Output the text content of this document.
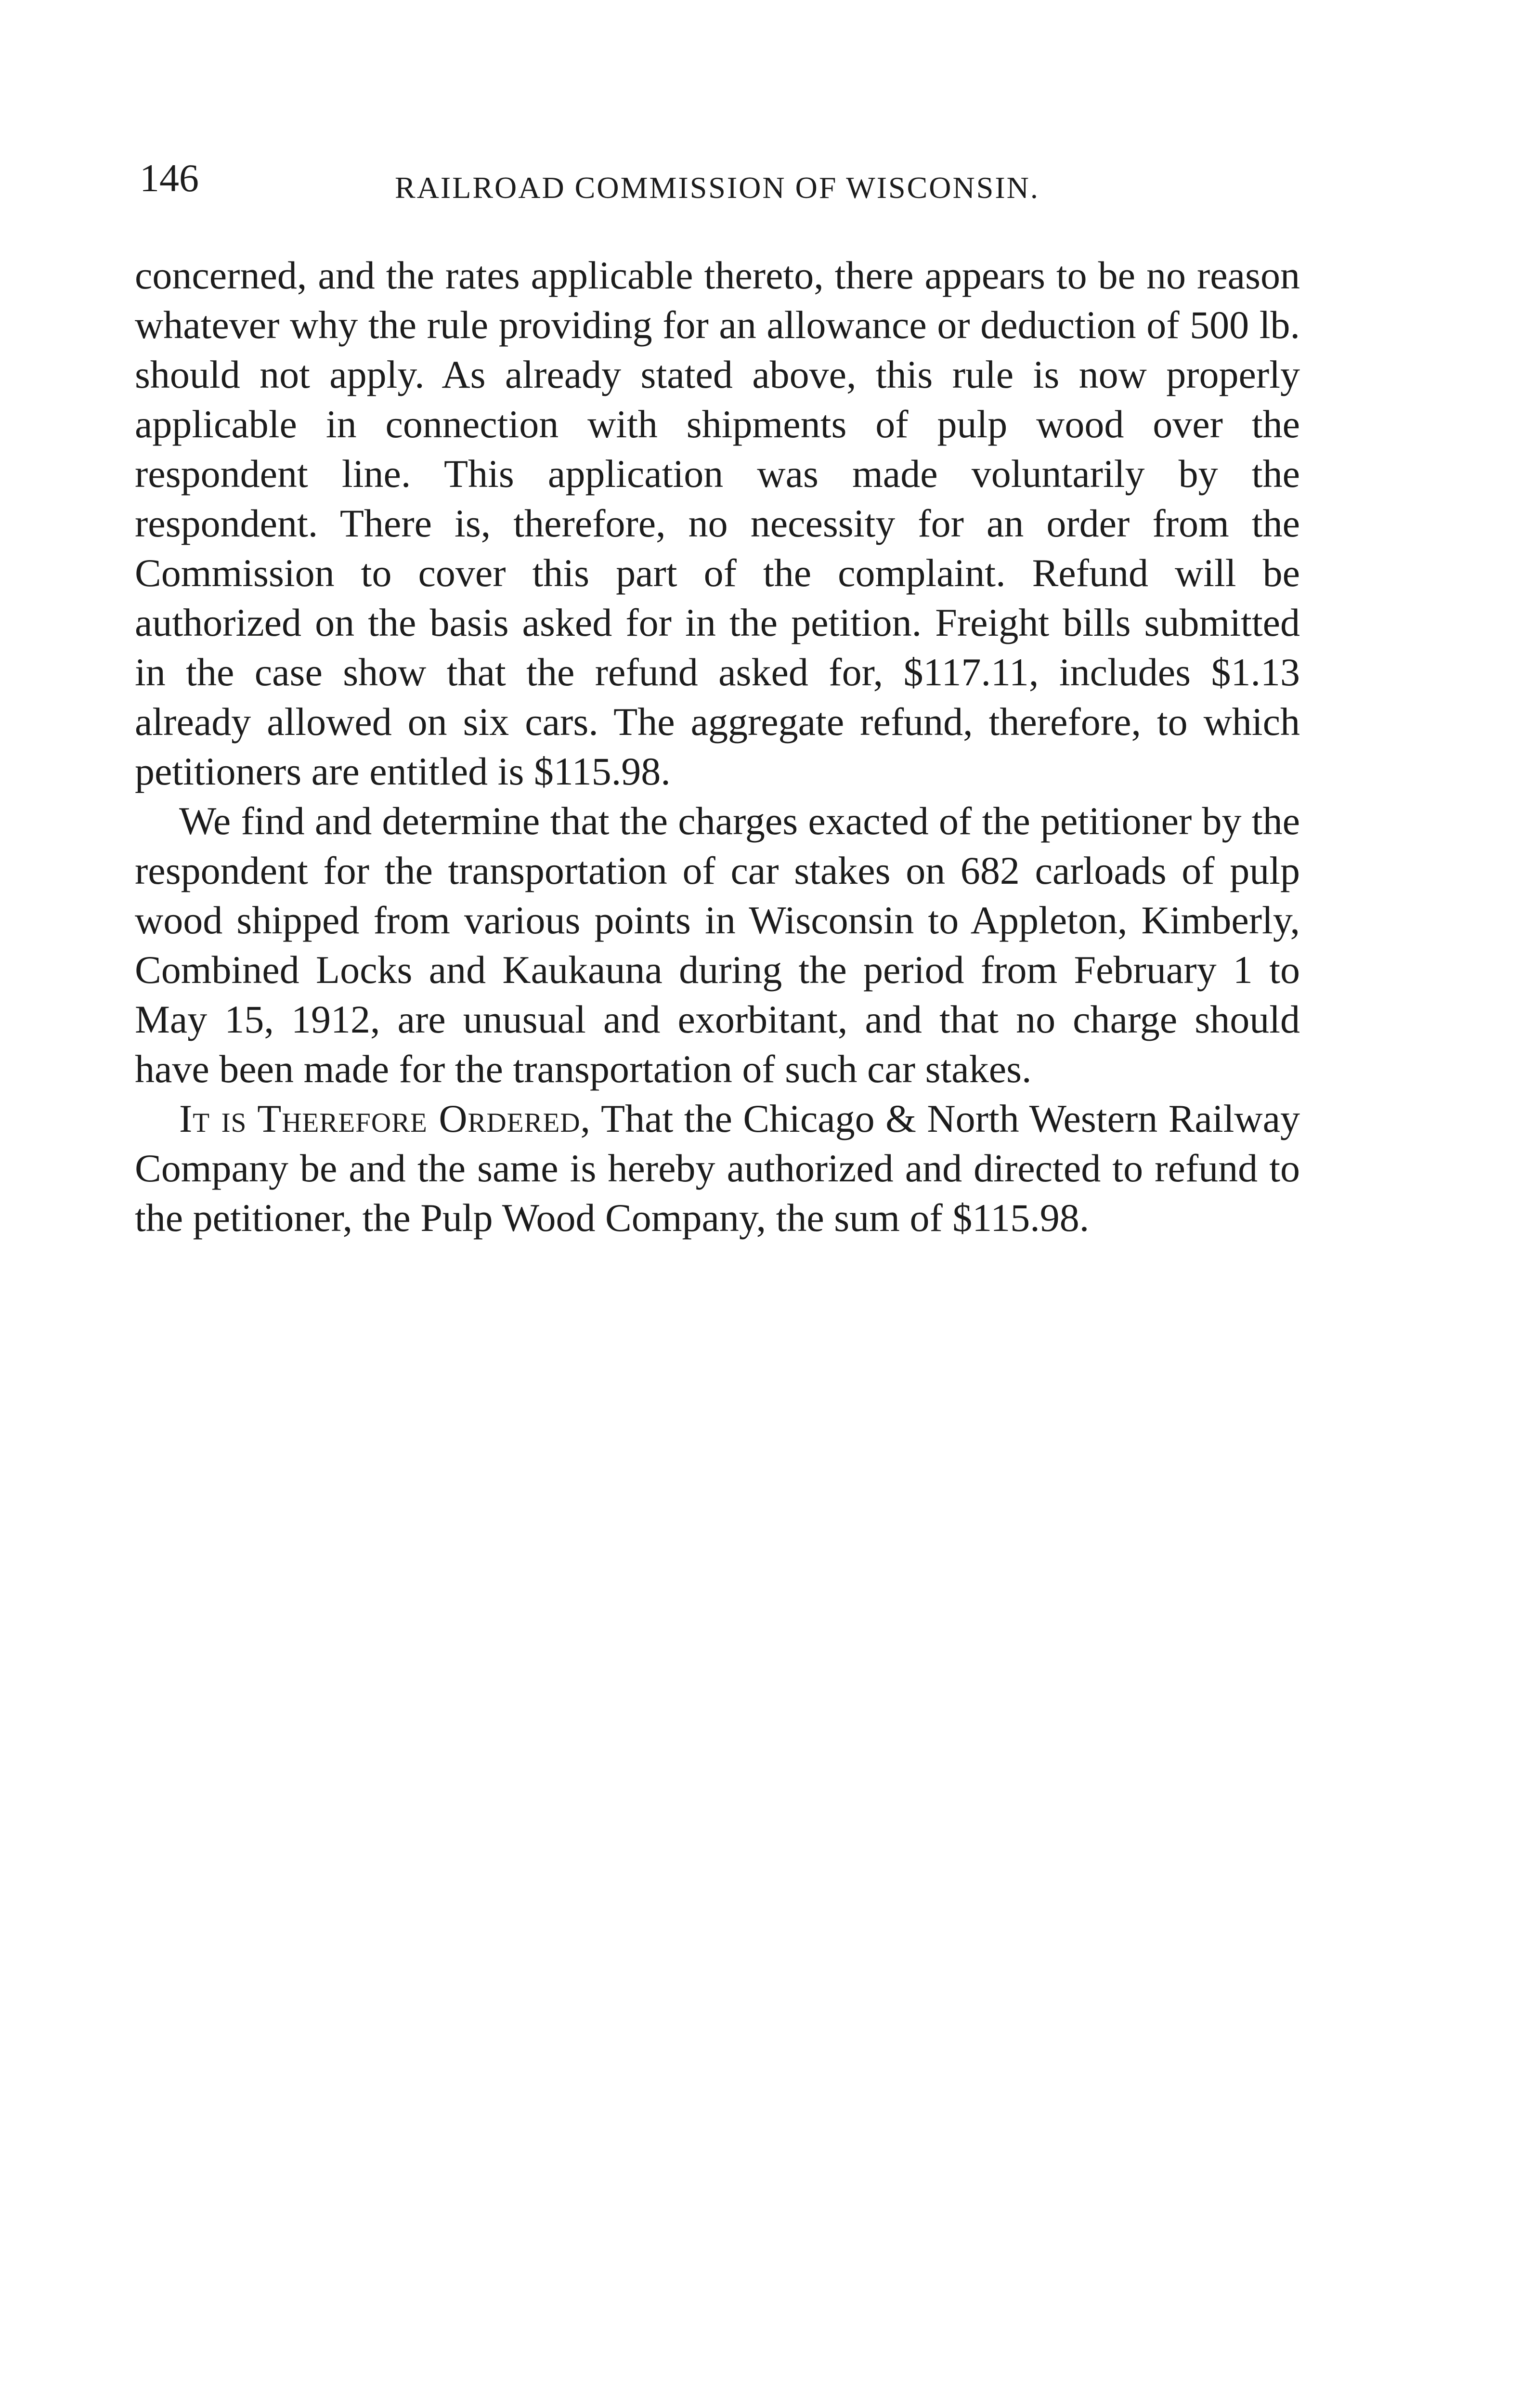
146	RAILROAD COMMISSION OF WISCONSIN.

concerned, and the rates applicable thereto, there appears to be no reason whatever why the rule providing for an allowance or deduction of 500 lb. should not apply. As already stated above, this rule is now properly applicable in connection with shipments of pulp wood over the respondent line. This application was made voluntarily by the respondent. There is, therefore, no necessity for an order from the Commission to cover this part of the complaint. Refund will be authorized on the basis asked for in the petition. Freight bills submitted in the case show that the refund asked for, $117.11, includes $1.13 already allowed on six cars. The aggregate refund, therefore, to which petitioners are entitled is $115.98.

We find and determine that the charges exacted of the petitioner by the respondent for the transportation of car stakes on 682 carloads of pulp wood shipped from various points in Wisconsin to Appleton, Kimberly, Combined Locks and Kaukauna during the period from February 1 to May 15, 1912, are unusual and exorbitant, and that no charge should have been made for the transportation of such car stakes.

It is Therefore Ordered, That the Chicago & North Western Railway Company be and the same is hereby authorized and directed to refund to the petitioner, the Pulp Wood Company, the sum of $115.98.
